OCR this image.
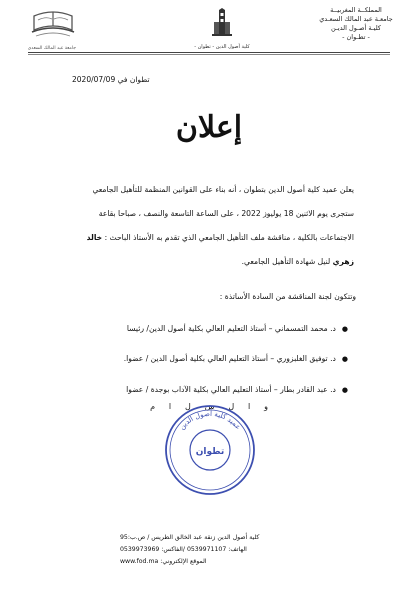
المملكــة المغربيــة
جامعـة عبد المالك السعـدي
كليـة أصـول الديـن
- تطـوان -
كلية أصول الدين - تطوان -
جامعة عبد المالك السعدي
تطوان في 2020/07/09
إعلان
يعلن عميد كلية أصول الدين بتطوان ، أنه بناء على القوانين المنظمة للتأهيل الجامعي
ستجرى يوم الاثنين 18 يوليوز 2022 ، على الساعة التاسعة والنصف ، صباحا بقاعة
الاجتماعات بالكلية ، مناقشة ملف التأهيل الجامعي الذي تقدم به الأستاذ الباحث : خالد
زهري لنيل شهادة التأهيل الجامعي.
وتتكون لجنة المناقشة من السادة الأساتذة :
●د. محمد التمسماني – أستاذ التعليم العالي بكلية أصول الدين/ رئيسا
●د. توفيق الغلبزوري – أستاذ التعليم العالي بكلية أصول الدين / عضوا.
●د. عبد القادر بطار – أستاذ التعليم العالي بكلية الآداب بوجدة / عضوا
و
ا
ل
س
ل
ا
م
عميد كلية أصول الدين
تطوان
كلية أصول الدين زنقة عبد الخالق الطريس / ص.ب:95
الهاتف: 0539971107 /الفاكس: 0539973969
الموقع الإلكتروني: www.fod.ma
